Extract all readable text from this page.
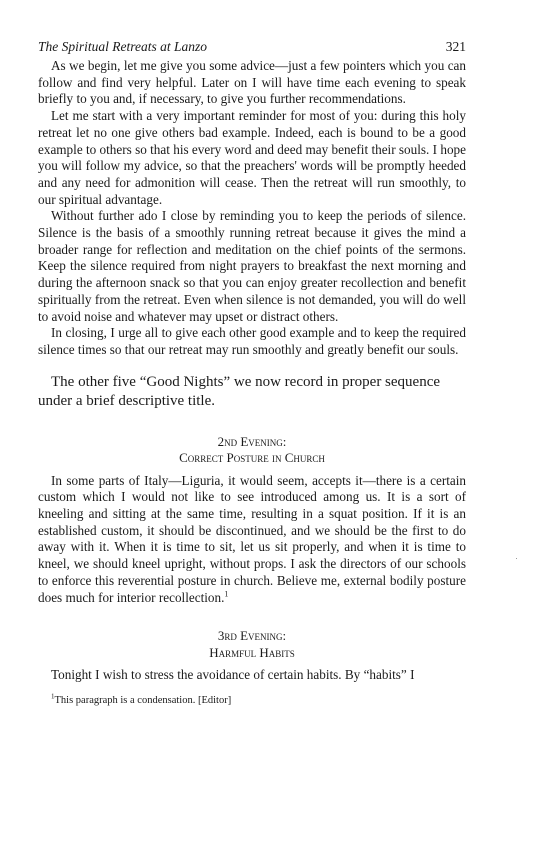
The Spiritual Retreats at Lanzo	321

As we begin, let me give you some advice—just a few pointers which you can follow and find very helpful. Later on I will have time each evening to speak briefly to you and, if necessary, to give you further recommendations.

Let me start with a very important reminder for most of you: during this holy retreat let no one give others bad example. Indeed, each is bound to be a good example to others so that his every word and deed may benefit their souls. I hope you will follow my advice, so that the preachers' words will be promptly heeded and any need for admonition will cease. Then the retreat will run smoothly, to our spiritual advantage.

Without further ado I close by reminding you to keep the periods of silence. Silence is the basis of a smoothly running retreat because it gives the mind a broader range for reflection and meditation on the chief points of the sermons. Keep the silence required from night prayers to breakfast the next morning and during the afternoon snack so that you can enjoy greater recollection and benefit spiritually from the retreat. Even when silence is not demanded, you will do well to avoid noise and whatever may upset or distract others.

In closing, I urge all to give each other good example and to keep the required silence times so that our retreat may run smoothly and greatly benefit our souls.

The other five “Good Nights” we now record in proper sequence under a brief descriptive title.

2nd Evening:

Correct Posture in Church

In some parts of Italy—Liguria, it would seem, accepts it—there is a certain custom which I would not like to see introduced among us. It is a sort of kneeling and sitting at the same time, resulting in a squat position. If it is an established custom, it should be discontinued, and we should be the first to do away with it. When it is time to sit, let us sit properly, and when it is time to kneel, we should kneel upright, without props. I ask the directors of our schools to enforce this reverential posture in church. Believe me, external bodily posture does much for interior recollection.$^1$

3rd Evening:

Harmful Habits

Tonight I wish to stress the avoidance of certain habits. By “habits” I

$^1$This paragraph is a condensation. [Editor]
